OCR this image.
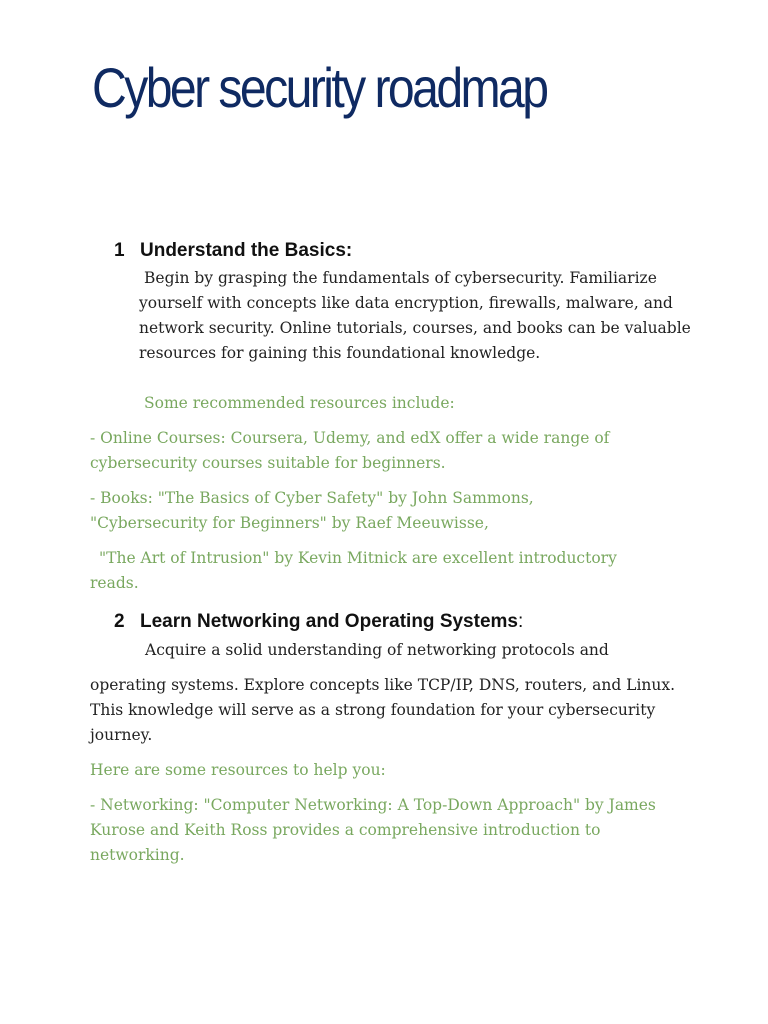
Cyber security roadmap
1 Understand the Basics:

Begin by grasping the fundamentals of cybersecurity. Familiarize yourself with concepts like data encryption, firewalls, malware, and network security. Online tutorials, courses, and books can be valuable resources for gaining this foundational knowledge.

Some recommended resources include:

- Online Courses: Coursera, Udemy, and edX offer a wide range of cybersecurity courses suitable for beginners.

- Books: "The Basics of Cyber Safety" by John Sammons, "Cybersecurity for Beginners" by Raef Meeuwisse,

"The Art of Intrusion" by Kevin Mitnick are excellent introductory reads.

2 Learn Networking and Operating Systems:

Acquire a solid understanding of networking protocols and

operating systems. Explore concepts like TCP/IP, DNS, routers, and Linux. This knowledge will serve as a strong foundation for your cybersecurity journey.

Here are some resources to help you:

- Networking: "Computer Networking: A Top-Down Approach" by James Kurose and Keith Ross provides a comprehensive introduction to networking.
